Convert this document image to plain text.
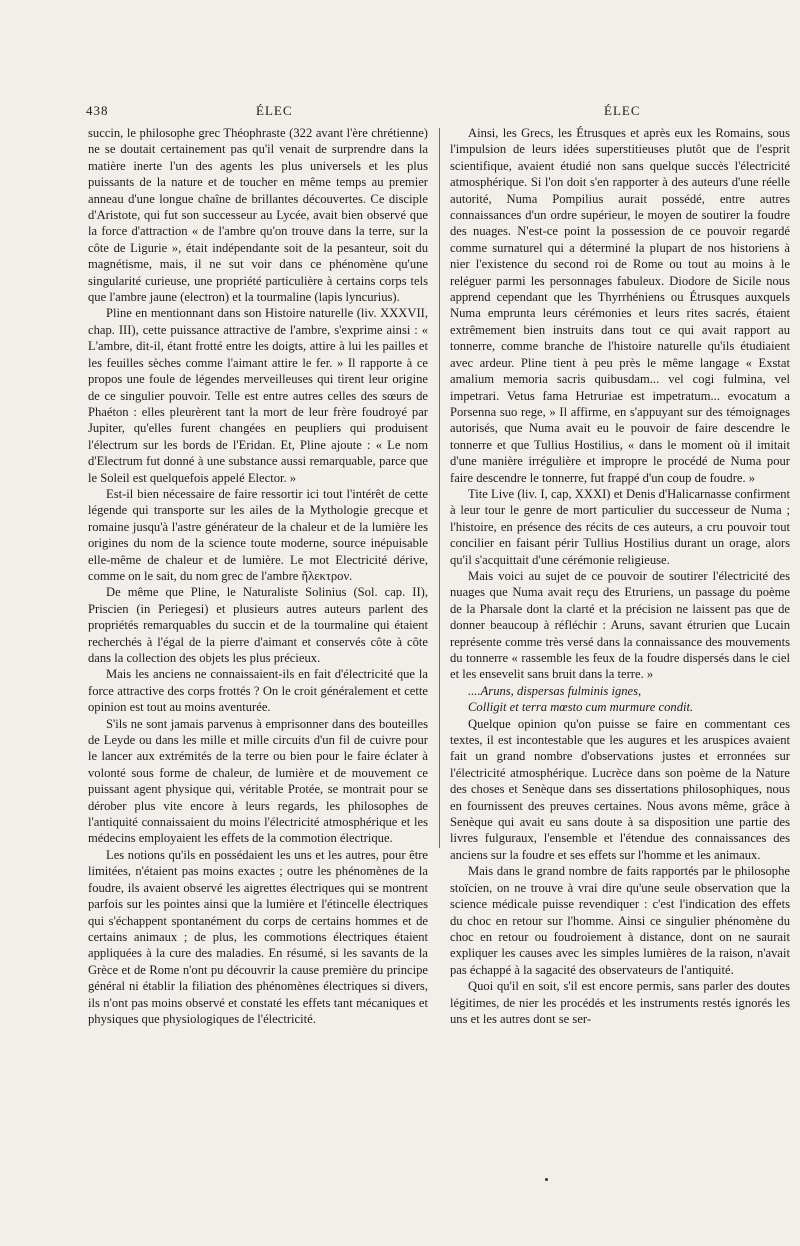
438	ÉLEC	ÉLEC

succin, le philosophe grec Théophraste (322 avant l'ère chrétienne) ne se doutait certainement pas qu'il venait de surprendre dans la matière inerte l'un des agents les plus universels et les plus puissants de la nature et de toucher en même temps au premier anneau d'une longue chaîne de brillantes découvertes. Ce disciple d'Aristote, qui fut son successeur au Lycée, avait bien observé que la force d'attraction « de l'ambre qu'on trouve dans la terre, sur la côte de Ligurie », était indépendante soit de la pesanteur, soit du magnétisme, mais, il ne sut voir dans ce phénomène qu'une singularité curieuse, une propriété particulière à certains corps tels que l'ambre jaune (electron) et la tourmaline (lapis lyncurius).

Pline en mentionnant dans son Histoire naturelle (liv. XXXVII, chap. III), cette puissance attractive de l'ambre, s'exprime ainsi : « L'ambre, dit-il, étant frotté entre les doigts, attire à lui les pailles et les feuilles sèches comme l'aimant attire le fer. » Il rapporte à ce propos une foule de légendes merveilleuses qui tirent leur origine de ce singulier pouvoir. Telle est entre autres celles des sœurs de Phaéton : elles pleurèrent tant la mort de leur frère foudroyé par Jupiter, qu'elles furent changées en peupliers qui produisent l'électrum sur les bords de l'Eridan. Et, Pline ajoute : « Le nom d'Electrum fut donné à une substance aussi remarquable, parce que le Soleil est quelquefois appelé Elector. »

Est-il bien nécessaire de faire ressortir ici tout l'intérêt de cette légende qui transporte sur les ailes de la Mythologie grecque et romaine jusqu'à l'astre générateur de la chaleur et de la lumière les origines du nom de la science toute moderne, source inépuisable elle-même de chaleur et de lumière. Le mot Electricité dérive, comme on le sait, du nom grec de l'ambre ἤλεκτρον.

De même que Pline, le Naturaliste Solinius (Sol. cap. II), Priscien (in Periegesi) et plusieurs autres auteurs parlent des propriétés remarquables du succin et de la tourmaline qui étaient recherchés à l'égal de la pierre d'aimant et conservés côte à côte dans la collection des objets les plus précieux.

Mais les anciens ne connaissaient-ils en fait d'électricité que la force attractive des corps frottés ? On le croit généralement et cette opinion est tout au moins aventurée.

S'ils ne sont jamais parvenus à emprisonner dans des bouteilles de Leyde ou dans les mille et mille circuits d'un fil de cuivre pour le lancer aux extrémités de la terre ou bien pour le faire éclater à volonté sous forme de chaleur, de lumière et de mouvement ce puissant agent physique qui, véritable Protée, se montrait pour se dérober plus vite encore à leurs regards, les philosophes de l'antiquité connaissaient du moins l'électricité atmosphérique et les médecins employaient les effets de la commotion électrique.

Les notions qu'ils en possédaient les uns et les autres, pour être limitées, n'étaient pas moins exactes ; outre les phénomènes de la foudre, ils avaient observé les aigrettes électriques qui se montrent parfois sur les pointes ainsi que la lumière et l'étincelle électriques qui s'échappent spontanément du corps de certains hommes et de certains animaux ; de plus, les commotions électriques étaient appliquées à la cure des maladies. En résumé, si les savants de la Grèce et de Rome n'ont pu découvrir la cause première du principe général ni établir la filiation des phénomènes électriques si divers, ils n'ont pas moins observé et constaté les effets tant mécaniques et physiques que physiologiques de l'électricité.

Ainsi, les Grecs, les Étrusques et après eux les Romains, sous l'impulsion de leurs idées superstitieuses plutôt que de l'esprit scientifique, avaient étudié non sans quelque succès l'électricité atmosphérique. Si l'on doit s'en rapporter à des auteurs d'une réelle autorité, Numa Pompilius aurait possédé, entre autres connaissances d'un ordre supérieur, le moyen de soutirer la foudre des nuages. N'est-ce point la possession de ce pouvoir regardé comme surnaturel qui a déterminé la plupart de nos historiens à nier l'existence du second roi de Rome ou tout au moins à le reléguer parmi les personnages fabuleux. Diodore de Sicile nous apprend cependant que les Thyrrhéniens ou Étrusques auxquels Numa emprunta leurs cérémonies et leurs rites sacrés, étaient extrêmement bien instruits dans tout ce qui avait rapport au tonnerre, comme branche de l'histoire naturelle qu'ils étudiaient avec ardeur. Pline tient à peu près le même langage « Exstat amalium memoria sacris quibusdam... vel cogi fulmina, vel impetrari. Vetus fama Hetruriae est impetratum... evocatum a Porsenna suo rege, » Il affirme, en s'appuyant sur des témoignages autorisés, que Numa avait eu le pouvoir de faire descendre le tonnerre et que Tullius Hostilius, « dans le moment où il imitait d'une manière irrégulière et impropre le procédé de Numa pour faire descendre le tonnerre, fut frappé d'un coup de foudre. »

Tite Live (liv. I, cap, XXXI) et Denis d'Halicarnasse confirment à leur tour le genre de mort particulier du successeur de Numa ; l'histoire, en présence des récits de ces auteurs, a cru pouvoir tout concilier en faisant périr Tullius Hostilius durant un orage, alors qu'il s'acquittait d'une cérémonie religieuse.

Mais voici au sujet de ce pouvoir de soutirer l'électricité des nuages que Numa avait reçu des Etruriens, un passage du poème de la Pharsale dont la clarté et la précision ne laissent pas que de donner beaucoup à réfléchir : Aruns, savant étrurien que Lucain représente comme très versé dans la connaissance des mouvements du tonnerre « rassemble les feux de la foudre dispersés dans le ciel et les ensevelit sans bruit dans la terre. »

....Aruns, dispersas fulminis ignes,

Colligit et terra mœsto cum murmure condit.

Quelque opinion qu'on puisse se faire en commentant ces textes, il est incontestable que les augures et les aruspices avaient fait un grand nombre d'observations justes et erronnées sur l'électricité atmosphérique. Lucrèce dans son poème de la Nature des choses et Senèque dans ses dissertations philosophiques, nous en fournissent des preuves certaines. Nous avons même, grâce à Senèque qui avait eu sans doute à sa disposition une partie des livres fulguraux, l'ensemble et l'étendue des connaissances des anciens sur la foudre et ses effets sur l'homme et les animaux.

Mais dans le grand nombre de faits rapportés par le philosophe stoïcien, on ne trouve à vrai dire qu'une seule observation que la science médicale puisse revendiquer : c'est l'indication des effets du choc en retour sur l'homme. Ainsi ce singulier phénomène du choc en retour ou foudroiement à distance, dont on ne saurait expliquer les causes avec les simples lumières de la raison, n'avait pas échappé à la sagacité des observateurs de l'antiquité.

Quoi qu'il en soit, s'il est encore permis, sans parler des doutes légitimes, de nier les procédés et les instruments restés ignorés les uns et les autres dont se ser-
